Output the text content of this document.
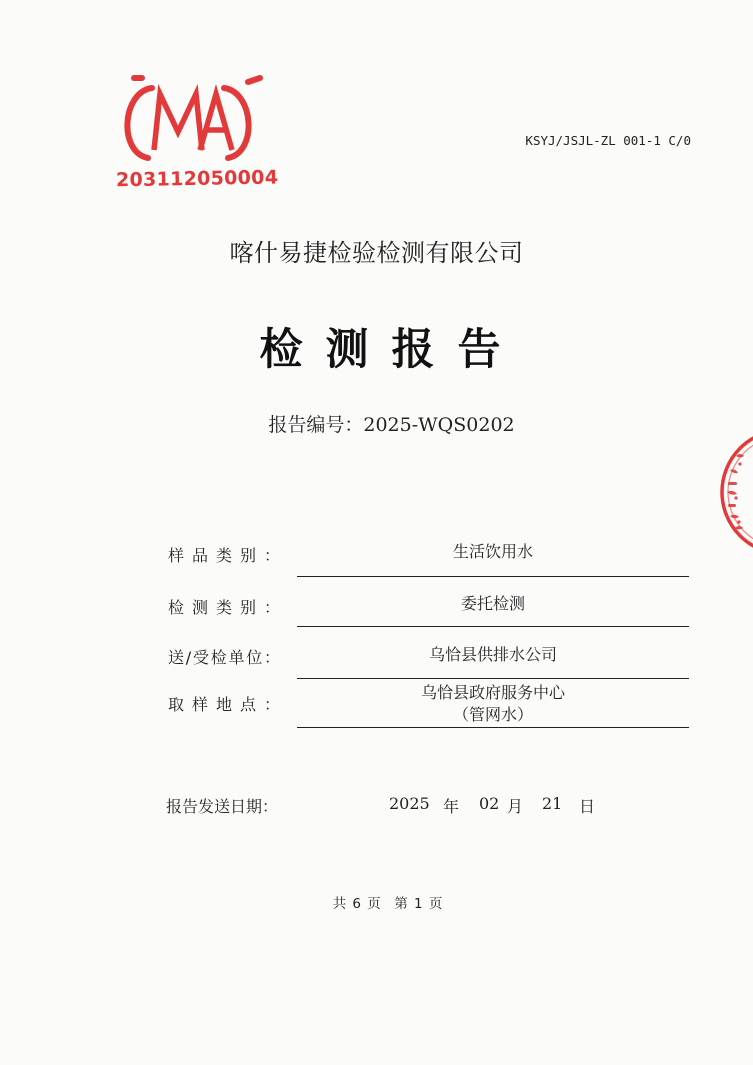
203112050004
KSYJ/JSJL-ZL 001-1 C/0
喀什易捷检验检测有限公司
检测报告
报告编号：2025-WQS0202
样品类别：	生活饮用水
检测类别：	委托检测
送/受检单位：	乌恰县供排水公司
取样地点：
乌恰县政府服务中心
（管网水）
报告发送日期：	2025 年 02 月 21 日
共 6 页　第 1 页
